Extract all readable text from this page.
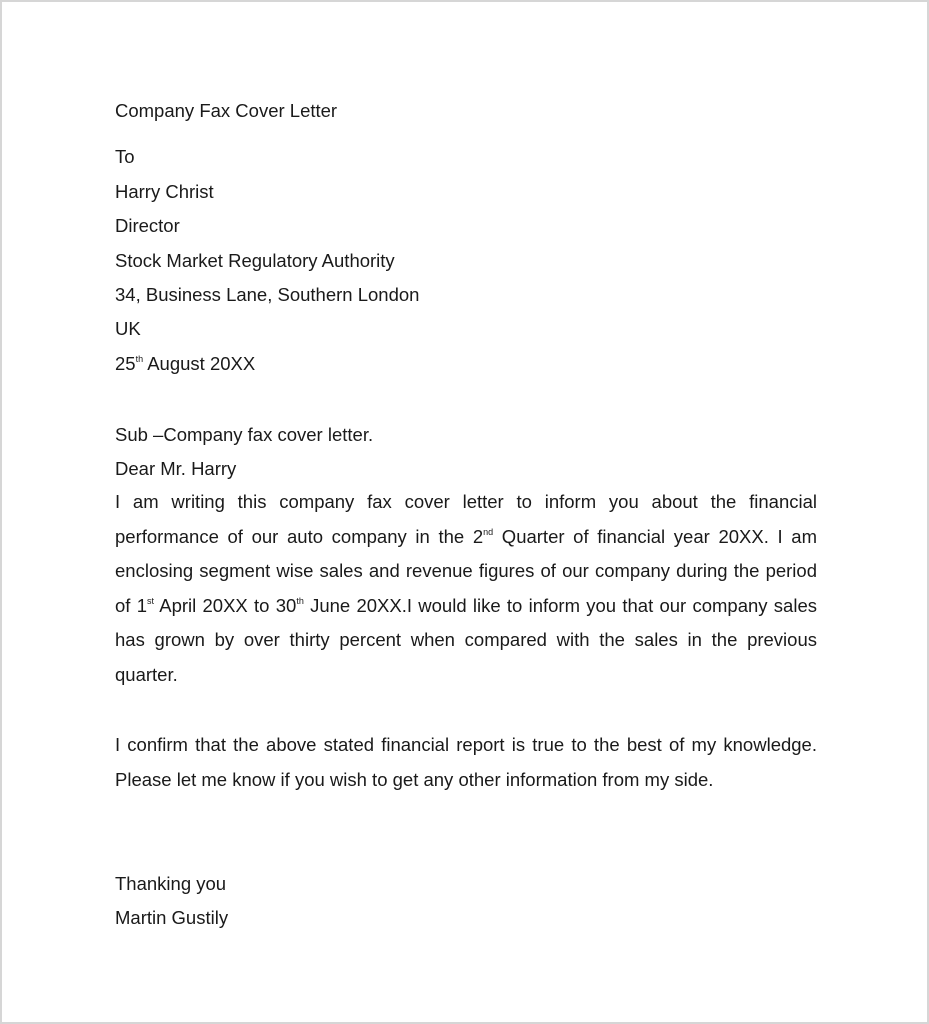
Company Fax Cover Letter
To
Harry Christ
Director
Stock Market Regulatory Authority
34, Business Lane, Southern London
UK
25th August 20XX
Sub –Company fax cover letter.
Dear Mr. Harry

I am writing this company fax cover letter to inform you about the financial performance of our auto company in the 2nd Quarter of financial year 20XX. I am enclosing segment wise sales and revenue figures of our company during the period of 1st April 20XX to 30th June 20XX.I would like to inform you that our company sales has grown by over thirty percent when compared with the sales in the previous quarter.

I confirm that the above stated financial report is true to the best of my knowledge. Please let me know if you wish to get any other information from my side.

Thanking you
Martin Gustily
